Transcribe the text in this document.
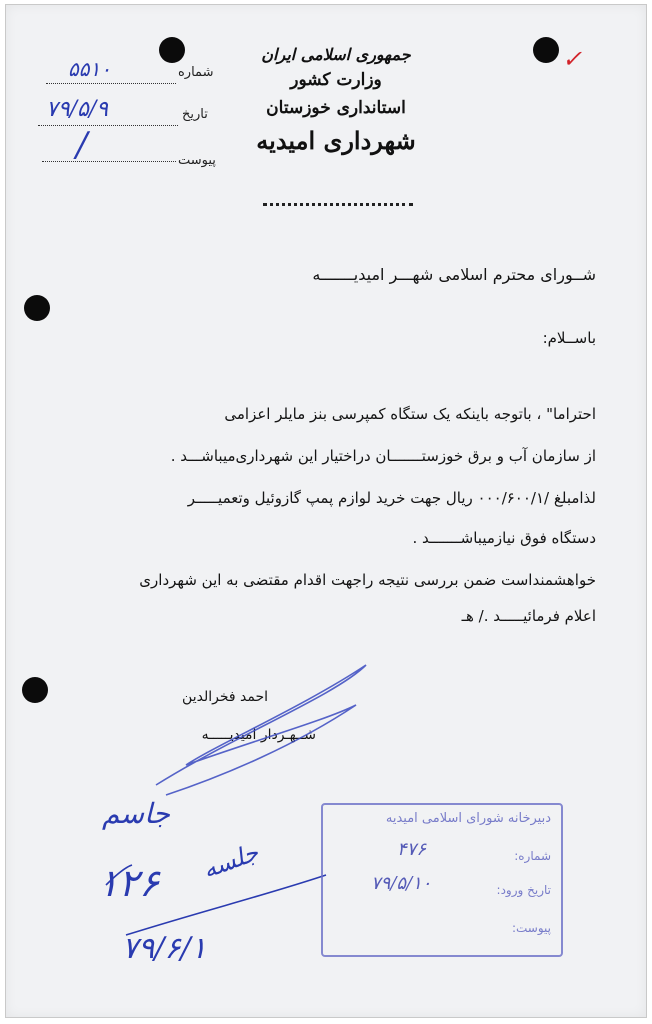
✓
شماره
۵۵۱۰
تاریخ
۷۹/۵/۹
پیوست
/
جمهوری اسلامی ایران
وزارت کشور
استانداری خوزستان
شهرداری امیدیه
شــورای محترم اسلامی شهـــر امیدیـــــــه
باســلام:
احتراما" ، باتوجه باینکه یک ستگاه کمپرسی بنز مایلر اعزامی
از سازمان آب و برق خوزستـــــــان دراختیار این شهرداری‌میباشـــد .
لذامبلغ /۰۰۰/۶۰۰/۱ ریال جهت خرید لوازم پمپ گازوئیل وتعمیـــــر
دستگاه فوق نیازمیباشـــــــد .
خواهشمنداست ضمن بررسی نتیجه راجهت اقدام مقتضی به این شهرداری
اعلام فرمائیـــــد ./ هـ
احمد فخرالدین
شــهـردار امیدیـــــه
جاسم
۱۲۶ جلسه
۷۹/۶/۱
دبیرخانه شورای اسلامی امیدیه
شماره:
۴۷۶
تاریخ ورود:
۷۹/۵/۱۰
پیوست:
